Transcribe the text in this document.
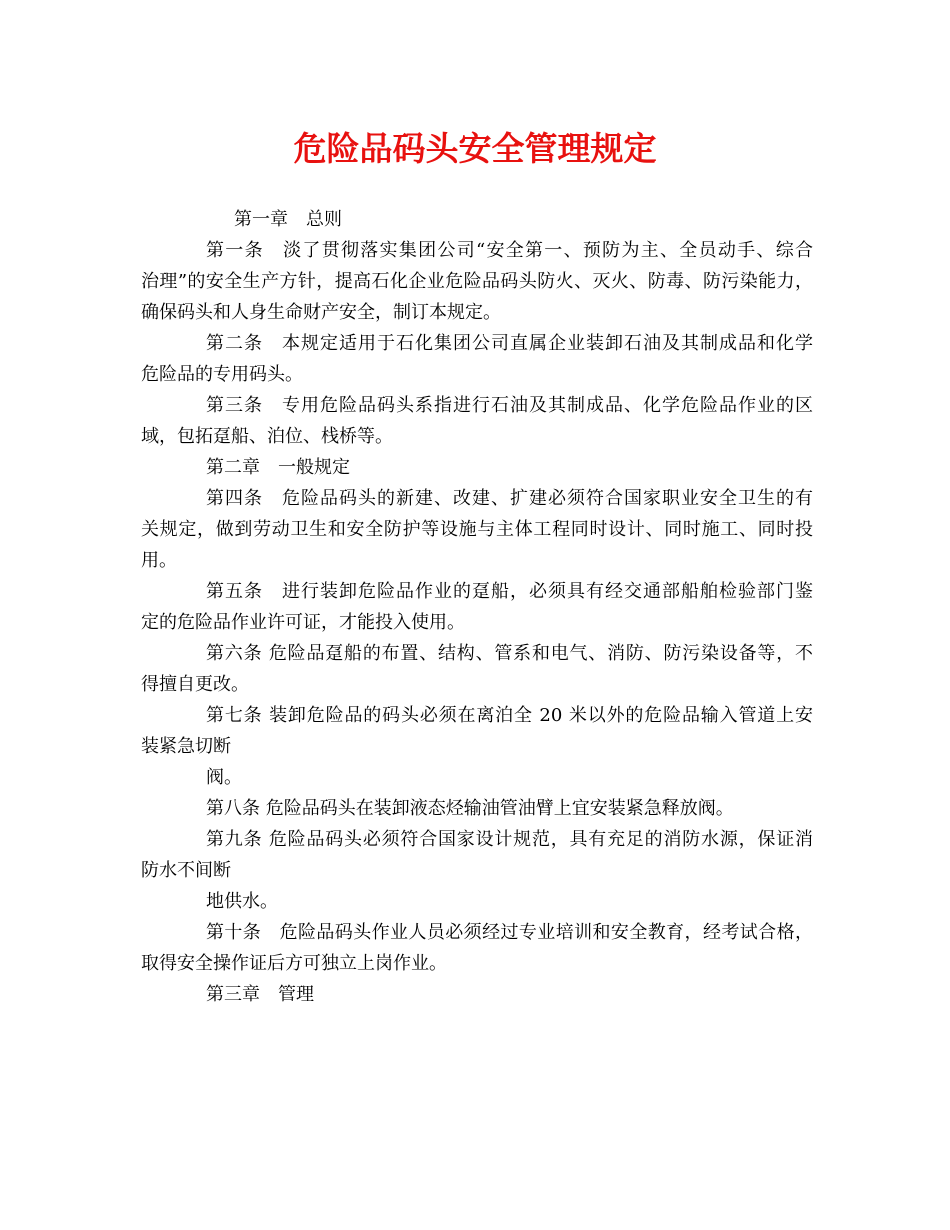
危险品码头安全管理规定
第一章　总则
第一条　淡了贯彻落实集团公司“安全第一、预防为主、全员动手、综合
治理”的安全生产方针，提高石化企业危险品码头防火、灭火、防毒、防污染能力，
确保码头和人身生命财产安全，制订本规定。
第二条　本规定适用于石化集团公司直属企业装卸石油及其制成品和化学
危险品的专用码头。
第三条　专用危险品码头系指进行石油及其制成品、化学危险品作业的区
域，包拓趸船、泊位、栈桥等。
第二章　一般规定
第四条　危险品码头的新建、改建、扩建必须符合国家职业安全卫生的有
关规定，做到劳动卫生和安全防护等设施与主体工程同时设计、同时施工、同时投
用。
第五条　进行装卸危险品作业的趸船，必须具有经交通部船舶检验部门鉴
定的危险品作业许可证，才能投入使用。
第六条 危险品趸船的布置、结构、管系和电气、消防、防污染设备等，不
得擅自更改。
第七条 装卸危险品的码头必须在离泊全 20 米以外的危险品输入管道上安
装紧急切断
阀。
第八条 危险品码头在装卸液态烃输油管油臂上宜安装紧急释放阀。
第九条 危险品码头必须符合国家设计规范，具有充足的消防水源，保证消
防水不间断
地供水。
第十条　危险品码头作业人员必须经过专业培训和安全教育，经考试合格，
取得安全操作证后方可独立上岗作业。
第三章　管理
